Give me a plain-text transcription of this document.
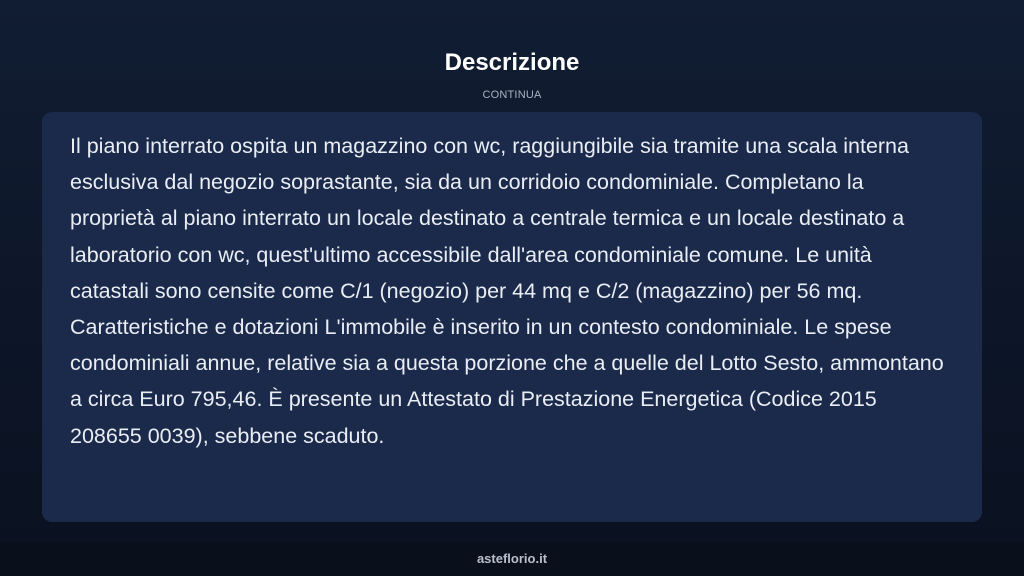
Descrizione
CONTINUA

Il piano interrato ospita un magazzino con wc, raggiungibile sia tramite una scala interna esclusiva dal negozio soprastante, sia da un corridoio condominiale. Completano la proprietà al piano interrato un locale destinato a centrale termica e un locale destinato a laboratorio con wc, quest'ultimo accessibile dall'area condominiale comune. Le unità catastali sono censite come C/1 (negozio) per 44 mq e C/2 (magazzino) per 56 mq. Caratteristiche e dotazioni L'immobile è inserito in un contesto condominiale. Le spese condominiali annue, relative sia a questa porzione che a quelle del Lotto Sesto, ammontano a circa Euro 795,46. È presente un Attestato di Prestazione Energetica (Codice 2015 208655 0039), sebbene scaduto.

asteflorio.it
